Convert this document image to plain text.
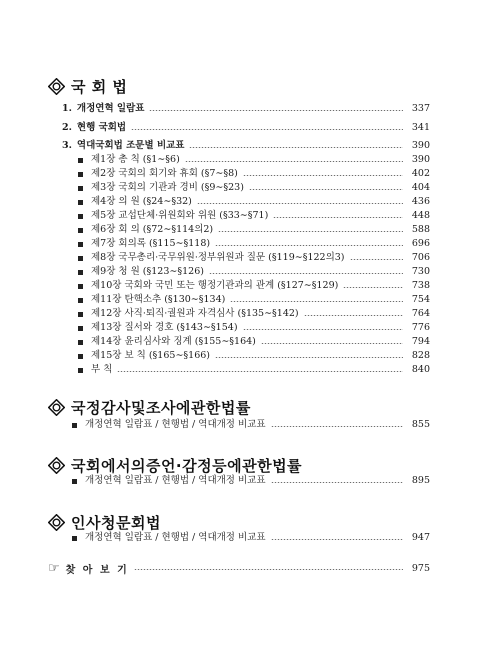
국 회 법
1. 개정연혁 일람표	337
2. 현행 국회법	341
3. 역대국회법 조문별 비교표	390
제1장 총 칙 (§1∼§6)	390
제2장 국회의 회기와 휴회 (§7∼§8)	402
제3장 국회의 기관과 경비 (§9∼§23)	404
제4장 의 원 (§24∼§32)	436
제5장 교섭단체·위원회와 위원 (§33∼§71)	448
제6장 회 의 (§72∼§114의2)	588
제7장 회의록 (§115∼§118)	696
제8장 국무총리·국무위원·정부위원과 질문 (§119∼§122의3)	706
제9장 청 원 (§123∼§126)	730
제10장 국회와 국민 또는 행정기관과의 관계 (§127∼§129)	738
제11장 탄핵소추 (§130∼§134)	754
제12장 사직·퇴직·궐원과 자격심사 (§135∼§142)	764
제13장 질서와 경호 (§143∼§154)	776
제14장 윤리심사와 징계 (§155∼§164)	794
제15장 보 칙 (§165∼§166)	828
부 칙	840
국정감사및조사에관한법률
개정연혁 일람표 / 현행법 / 역대개정 비교표	855
국회에서의증언·감정등에관한법률
개정연혁 일람표 / 현행법 / 역대개정 비교표	895
인사청문회법
개정연혁 일람표 / 현행법 / 역대개정 비교표	947
☞ 찾 아 보 기	975
